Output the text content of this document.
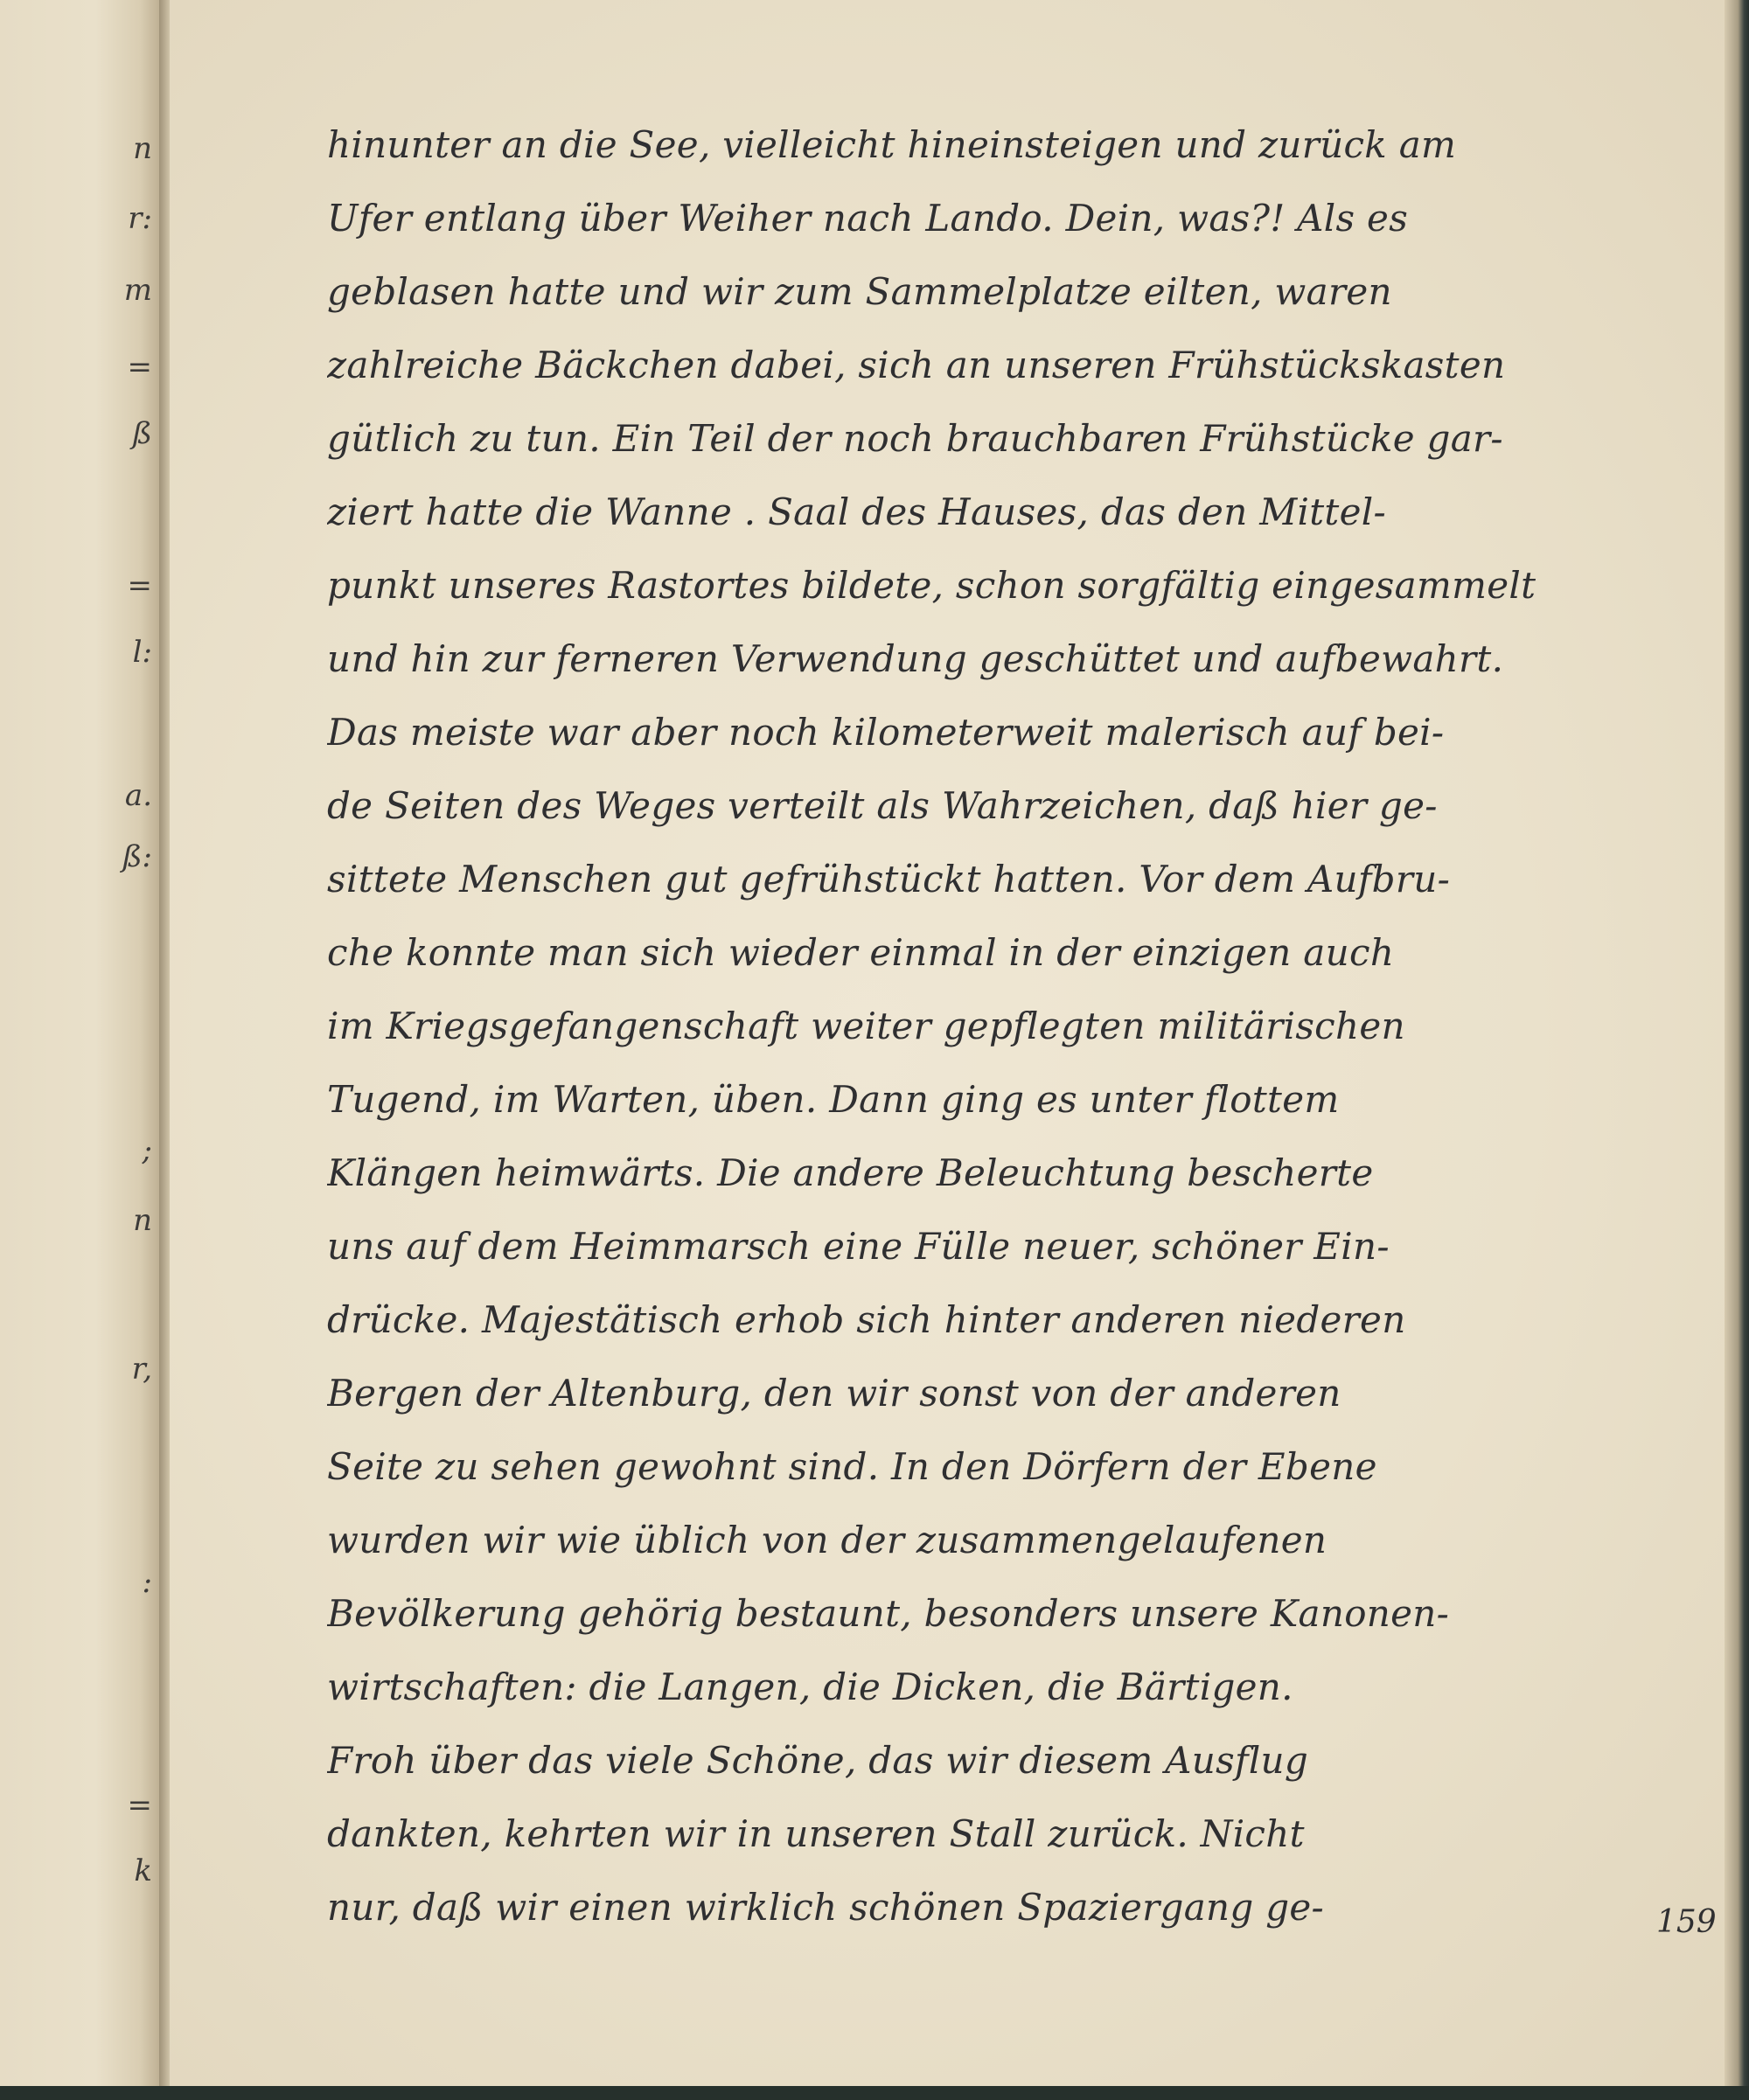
n
r:
m
=
ß
=
l:
a.
ß:
;
n
r,
:
=
k
hinunter an die See, vielleicht hineinsteigen und zurück am
Ufer entlang über Weiher nach Lando. Dein, was?! Als es
geblasen hatte und wir zum Sammelplatze eilten, waren
zahlreiche Bäckchen dabei, sich an unseren Frühstückskasten
gütlich zu tun. Ein Teil der noch brauchbaren Frühstücke gar-
ziert hatte die Wanne . Saal des Hauses, das den Mittel-
punkt unseres Rastortes bildete, schon sorgfältig eingesammelt
und hin zur ferneren Verwendung geschüttet und aufbewahrt.
Das meiste war aber noch kilometerweit malerisch auf bei-
de Seiten des Weges verteilt als Wahrzeichen, daß hier ge-
sittete Menschen gut gefrühstückt hatten. Vor dem Aufbru-
che konnte man sich wieder einmal in der einzigen auch
im Kriegsgefangenschaft weiter gepflegten militärischen
Tugend, im Warten, üben. Dann ging es unter flottem
Klängen heimwärts. Die andere Beleuchtung bescherte
uns auf dem Heimmarsch eine Fülle neuer, schöner Ein-
drücke. Majestätisch erhob sich hinter anderen niederen
Bergen der Altenburg, den wir sonst von der anderen
Seite zu sehen gewohnt sind. In den Dörfern der Ebene
wurden wir wie üblich von der zusammengelaufenen
Bevölkerung gehörig bestaunt, besonders unsere Kanonen-
wirtschaften: die Langen, die Dicken, die Bärtigen.
Froh über das viele Schöne, das wir diesem Ausflug
dankten, kehrten wir in unseren Stall zurück. Nicht
nur, daß wir einen wirklich schönen Spaziergang ge-	159
